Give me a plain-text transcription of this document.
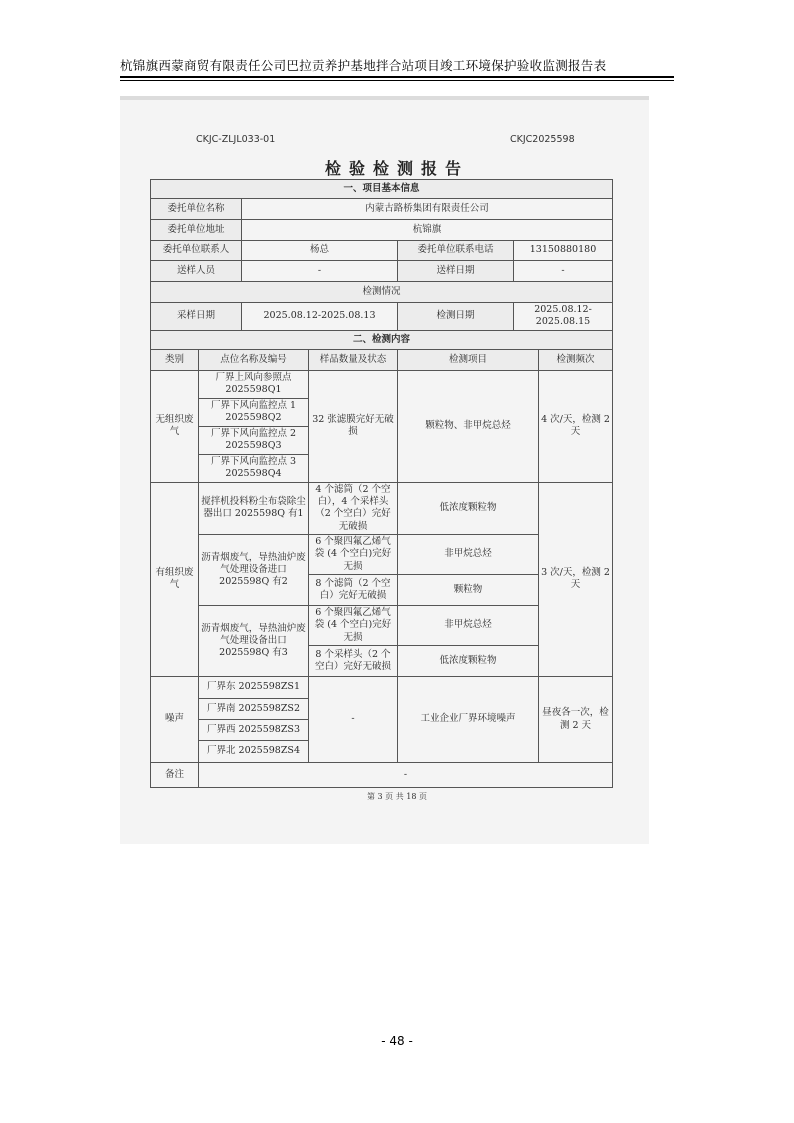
杭锦旗西蒙商贸有限责任公司巴拉贡养护基地拌合站项目竣工环境保护验收监测报告表
CKJC-ZLJL033-01	CKJC2025598
检验检测报告
一、项目基本信息						
委托单位名称		内蒙古路桥集团有限责任公司				
委托单位地址		杭锦旗				
委托单位联系人		杨总		委托单位联系电话	13150880180	
送样人员		-		送样日期	-	
检测情况						
采样日期		2025.08.12-2025.08.13		检测日期	2025.08.12-2025.08.15	
二、检测内容						
类别	点位名称及编号		样品数量及状态	检测项目		检测频次
无组织废气	厂界上风向参照点 2025598Q1		32 张滤膜完好无破损	颗粒物、非甲烷总烃		4 次/天，检测 2 天
	厂界下风向监控点 1 2025598Q2					
	厂界下风向监控点 2 2025598Q3					
	厂界下风向监控点 3 2025598Q4					
有组织废气	搅拌机投料粉尘布袋除尘器出口 2025598Q 有1		4 个滤筒（2 个空白），4 个采样头（2 个空白）完好无破损	低浓度颗粒物		3 次/天，检测 2 天
	沥青烟废气，导热油炉废气处理设备进口 2025598Q 有2		6 个聚四氟乙烯气袋 (4 个空白)完好无损	非甲烷总烃		
			8 个滤筒（2 个空白）完好无破损	颗粒物		
	沥青烟废气，导热油炉废气处理设备出口 2025598Q 有3		6 个聚四氟乙烯气袋 (4 个空白)完好无损	非甲烷总烃		
			8 个采样头（2 个空白）完好无破损	低浓度颗粒物		
噪声	厂界东 2025598ZS1		-	工业企业厂界环境噪声		昼夜各一次，检测 2 天
	厂界南 2025598ZS2					
	厂界西 2025598ZS3					
	厂界北 2025598ZS4					
备注	-					
第 3 页 共 18 页
- 48 -
